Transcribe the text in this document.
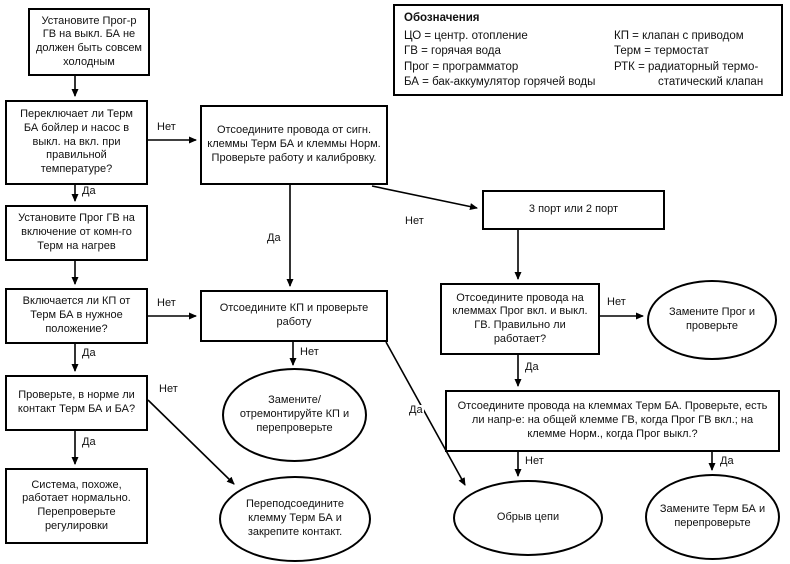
Обозначения
ЦО = центр. отопление
ГВ = горячая вода
Прог = программатор
БА = бак-аккумулятор горячей воды
КП = клапан с приводом
Терм = термостат
РТК = радиаторный термо-
статический клапан
Установите Прог-р ГВ на выкл. БА не должен быть совсем холодным
Переключает ли Терм БА бойлер и насос в выкл. на вкл. при правильной температуре?
Установите Прог ГВ на включение от комн-го Терм на нагрев
Включается ли КП от Терм БА в нужное положение?
Проверьте, в норме ли контакт Терм БА и БА?
Система, похоже, работает нормально. Перепроверьте регулировки
Отсоедините провода от сигн. клеммы Терм БА и клеммы Норм. Проверьте работу и калибровку.
Отсоедините КП и проверьте работу
Замените/ отремонтируйте КП и перепроверьте
Переподсоедините клемму Терм БА и закрепите контакт.
3 порт или 2 порт
Отсоедините провода на клеммах Прог вкл. и выкл. ГВ. Правильно ли работает?
Замените Прог и проверьте
Отсоедините провода на клеммах Терм БА. Проверьте, есть ли напр-е: на общей клемме ГВ, когда Прог ГВ вкл.; на клемме Норм., когда Прог выкл.?
Обрыв цепи
Замените Терм БА и перепроверьте
Да
Да
Да
Нет
Нет
Нет
Да
Нет
Нет
Да
Нет
Да
Нет	Да
